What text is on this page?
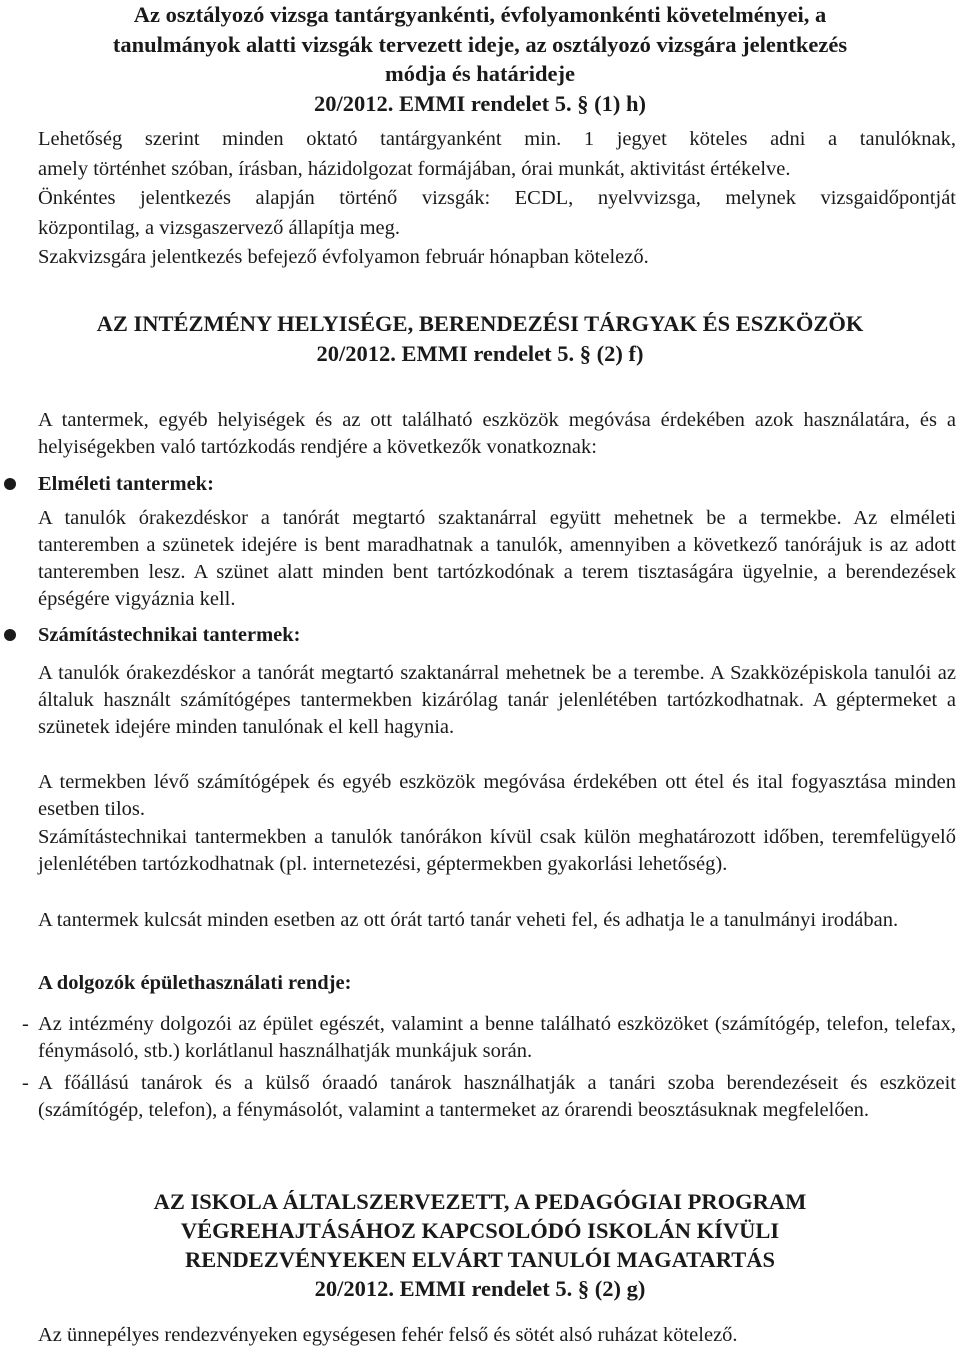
Az osztályozó vizsga tantárgyankénti, évfolyamonkénti követelményei, a
tanulmányok alatti vizsgák tervezett ideje, az osztályozó vizsgára jelentkezés
módja és határideje
20/2012. EMMI rendelet 5. § (1) h)
Lehetőség szerint minden oktató tantárgyanként min. 1 jegyet köteles adni a tanulóknak,
amely történhet szóban, írásban, házidolgozat formájában, órai munkát, aktivitást értékelve.
Önkéntes jelentkezés alapján történő vizsgák: ECDL, nyelvvizsga, melynek vizsgaidőpontját
központilag, a vizsgaszervező állapítja meg.
Szakvizsgára jelentkezés befejező évfolyamon február hónapban kötelező.
AZ INTÉZMÉNY HELYISÉGE, BERENDEZÉSI TÁRGYAK ÉS ESZKÖZÖK
20/2012. EMMI rendelet 5. § (2) f)
A tantermek, egyéb helyiségek és az ott található eszközök megóvása érdekében azok használatára, és a helyiségekben való tartózkodás rendjére a következők vonatkoznak:
Elméleti tantermek:
A tanulók órakezdéskor a tanórát megtartó szaktanárral együtt mehetnek be a termekbe. Az elméleti tanteremben a szünetek idejére is bent maradhatnak a tanulók, amennyiben a következő tanórájuk is az adott tanteremben lesz. A szünet alatt minden bent tartózkodónak a terem tisztaságára ügyelnie, a berendezések épségére vigyáznia kell.
Számítástechnikai tantermek:
A tanulók órakezdéskor a tanórát megtartó szaktanárral mehetnek be a terembe. A Szakközépiskola tanulói az általuk használt számítógépes tantermekben kizárólag tanár jelenlétében tartózkodhatnak. A géptermeket a szünetek idejére minden tanulónak el kell hagynia.
A termekben lévő számítógépek és egyéb eszközök megóvása érdekében ott étel és ital fogyasztása minden esetben tilos.
Számítástechnikai tantermekben a tanulók tanórákon kívül csak külön meghatározott időben, teremfelügyelő jelenlétében tartózkodhatnak (pl. internetezési, géptermekben gyakorlási lehetőség).
A tantermek kulcsát minden esetben az ott órát tartó tanár veheti fel, és adhatja le a tanulmányi irodában.
A dolgozók épülethasználati rendje:
- Az intézmény dolgozói az épület egészét, valamint a benne található eszközöket (számítógép, telefon, telefax, fénymásoló, stb.) korlátlanul használhatják munkájuk során.
- A főállású tanárok és a külső óraadó tanárok használhatják a tanári szoba berendezéseit és eszközeit (számítógép, telefon), a fénymásolót, valamint a tantermeket az órarendi beosztásuknak megfelelően.
AZ ISKOLA ÁLTALSZERVEZETT, A PEDAGÓGIAI PROGRAM
VÉGREHAJTÁSÁHOZ KAPCSOLÓDÓ ISKOLÁN KÍVÜLI
RENDEZVÉNYEKEN ELVÁRT TANULÓI MAGATARTÁS
20/2012. EMMI rendelet 5. § (2) g)
Az ünnepélyes rendezvényeken egységesen fehér felső és sötét alsó ruházat kötelező.
